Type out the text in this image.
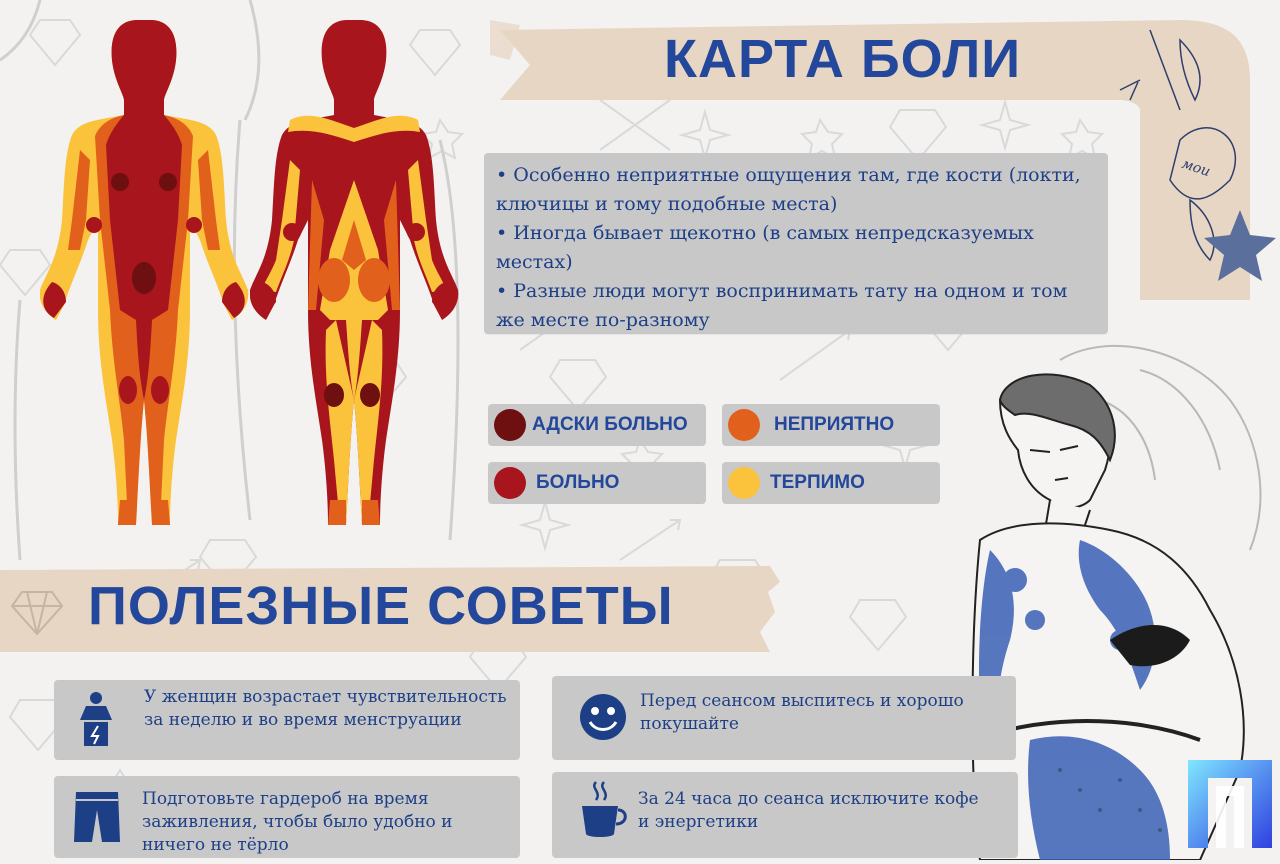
мои
КАРТА БОЛИ
• Особенно неприятные ощущения там, где кости (локти, ключицы и тому подобные места)
• Иногда бывает щекотно (в самых непредсказуемых местах)
• Разные люди могут воспринимать тату на одном и том же месте по-разному
АДСКИ БОЛЬНО	НЕПРИЯТНО
БОЛЬНО	ТЕРПИМО
ПОЛЕЗНЫЕ СОВЕТЫ
У женщин возрастает чувствительность за неделю и во время менструации
Перед сеансом выспитесь и хорошо покушайте
Подготовьте гардероб на время заживления, чтобы было удобно и ничего не тёрло
За 24 часа до сеанса исключите кофе и энергетики
